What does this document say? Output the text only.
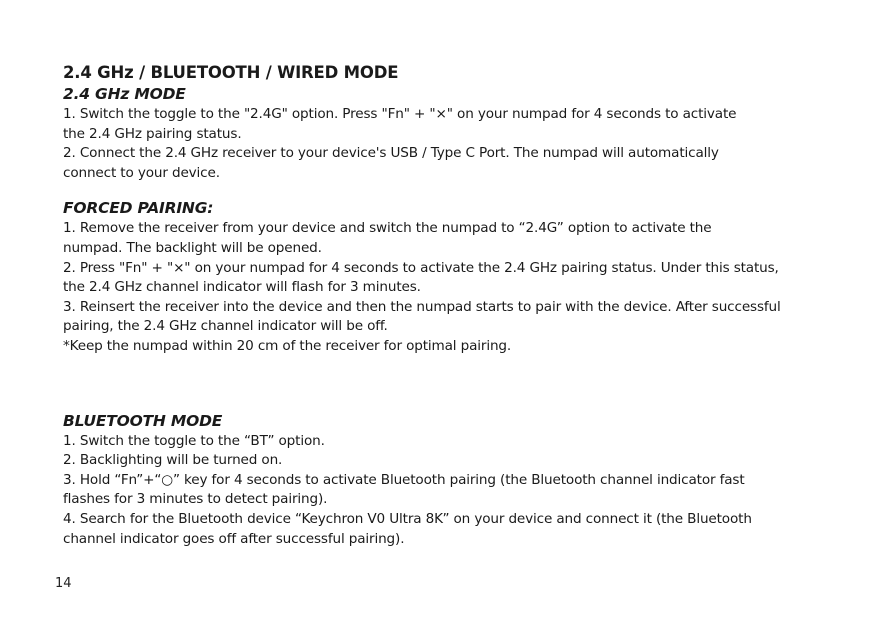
2.4 GHz / BLUETOOTH / WIRED MODE
2.4 GHz MODE

1. Switch the toggle to the "2.4G" option. Press "Fn" + "×" on your numpad for 4 seconds to activate

the 2.4 GHz pairing status.

2. Connect the 2.4 GHz receiver to your device's USB / Type C Port. The numpad will automatically

connect to your device.

FORCED PAIRING:

1. Remove the receiver from your device and switch the numpad to “2.4G” option to activate the

numpad. The backlight will be opened.

2. Press "Fn" + "×" on your numpad for 4 seconds to activate the 2.4 GHz pairing status. Under this status,

the 2.4 GHz channel indicator will flash for 3 minutes.

3. Reinsert the receiver into the device and then the numpad starts to pair with the device. After successful

pairing, the 2.4 GHz channel indicator will be off.

*Keep the numpad within 20 cm of the receiver for optimal pairing.

BLUETOOTH MODE

1. Switch the toggle to the “BT” option.

2. Backlighting will be turned on.

3. Hold “Fn”+“○” key for 4 seconds to activate Bluetooth pairing (the Bluetooth channel indicator fast

flashes for 3 minutes to detect pairing).

4. Search for the Bluetooth device “Keychron V0 Ultra 8K” on your device and connect it (the Bluetooth

channel indicator goes off after successful pairing).

14
